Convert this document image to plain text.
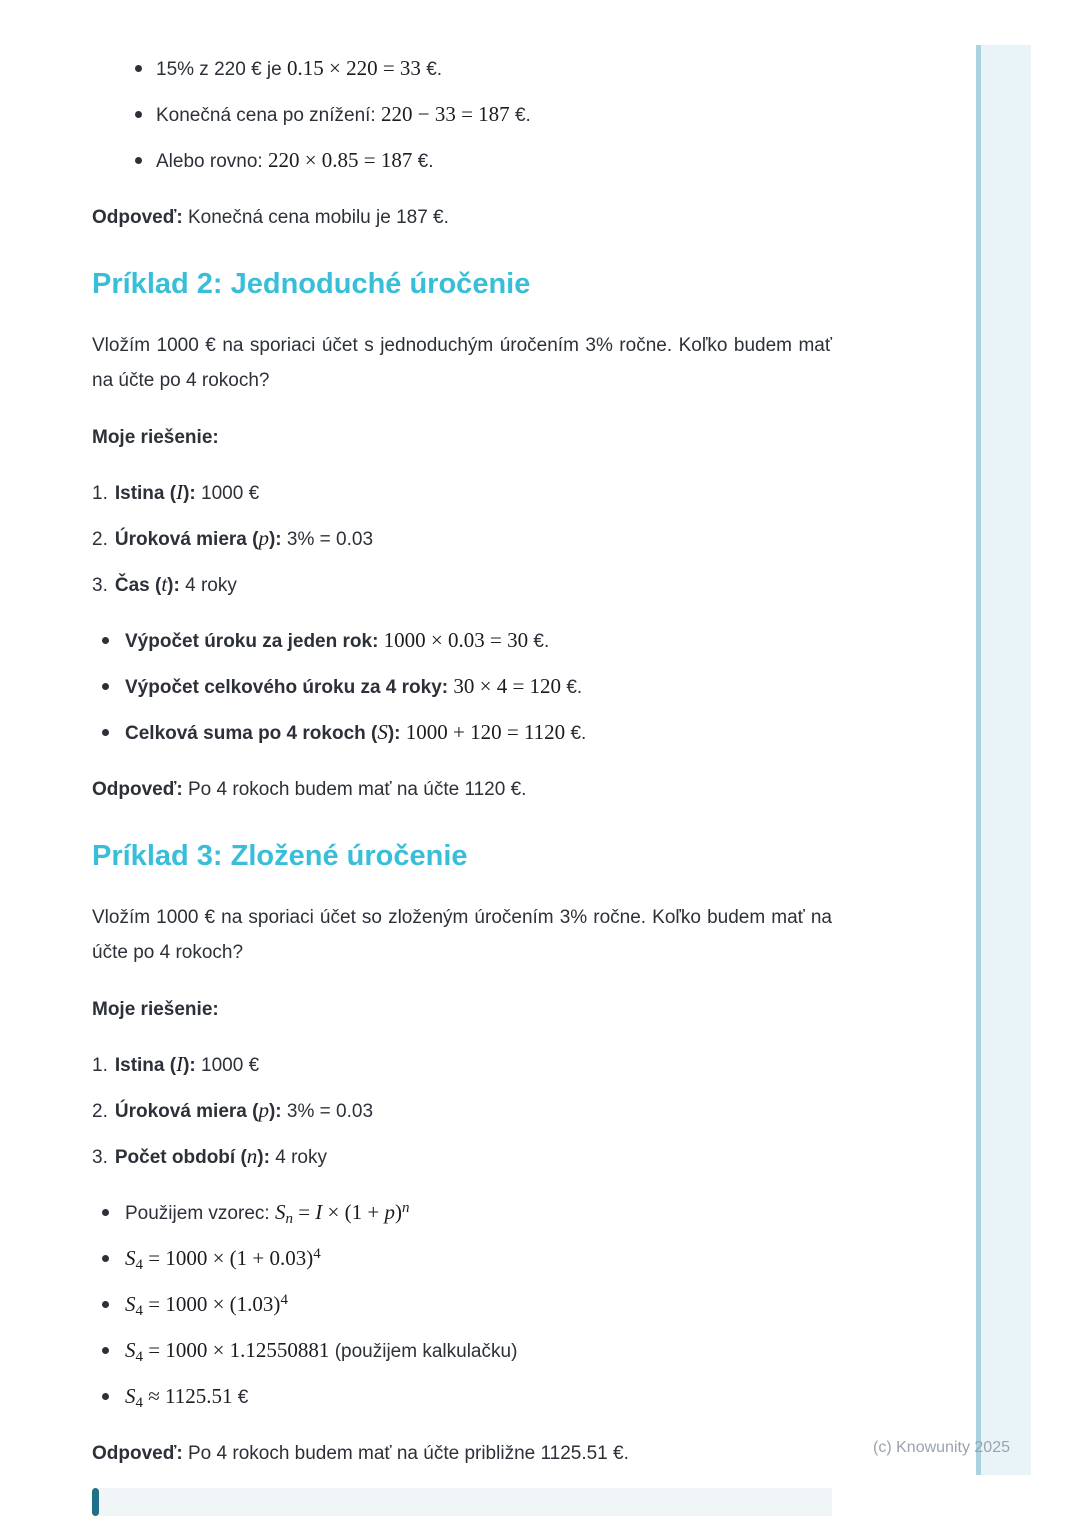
15% z 220 € je 0.15 × 220 = 33 €.
Konečná cena po znížení: 220 − 33 = 187 €.
Alebo rovno: 220 × 0.85 = 187 €.

Odpoveď: Konečná cena mobilu je 187 €.

Príklad 2: Jednoduché úročenie

Vložím 1000 € na sporiaci účet s jednoduchým úročením 3% ročne. Koľko budem mať na účte po 4 rokoch?

Moje riešenie:

1. Istina (I): 1000 €
2. Úroková miera (p): 3% = 0.03
3. Čas (t): 4 roky
Výpočet úroku za jeden rok: 1000 × 0.03 = 30 €.
Výpočet celkového úroku za 4 roky: 30 × 4 = 120 €.
Celková suma po 4 rokoch (S): 1000 + 120 = 1120 €.

Odpoveď: Po 4 rokoch budem mať na účte 1120 €.

Príklad 3: Zložené úročenie

Vložím 1000 € na sporiaci účet so zloženým úročením 3% ročne. Koľko budem mať na účte po 4 rokoch?

Moje riešenie:

1. Istina (I): 1000 €
2. Úroková miera (p): 3% = 0.03
3. Počet období (n): 4 roky
Použijem vzorec: $S_n = I \times (1 + p)^n$
$S_4 = 1000 \times (1 + 0.03)^4$
$S_4 = 1000 \times (1.03)^4$
$S_4 = 1000 \times 1.12550881$ (použijem kalkulačku)
$S_4 \approx 1125.51$ €

Odpoveď: Po 4 rokoch budem mať na účte približne 1125.51 €.	(c) Knowunity 2025
